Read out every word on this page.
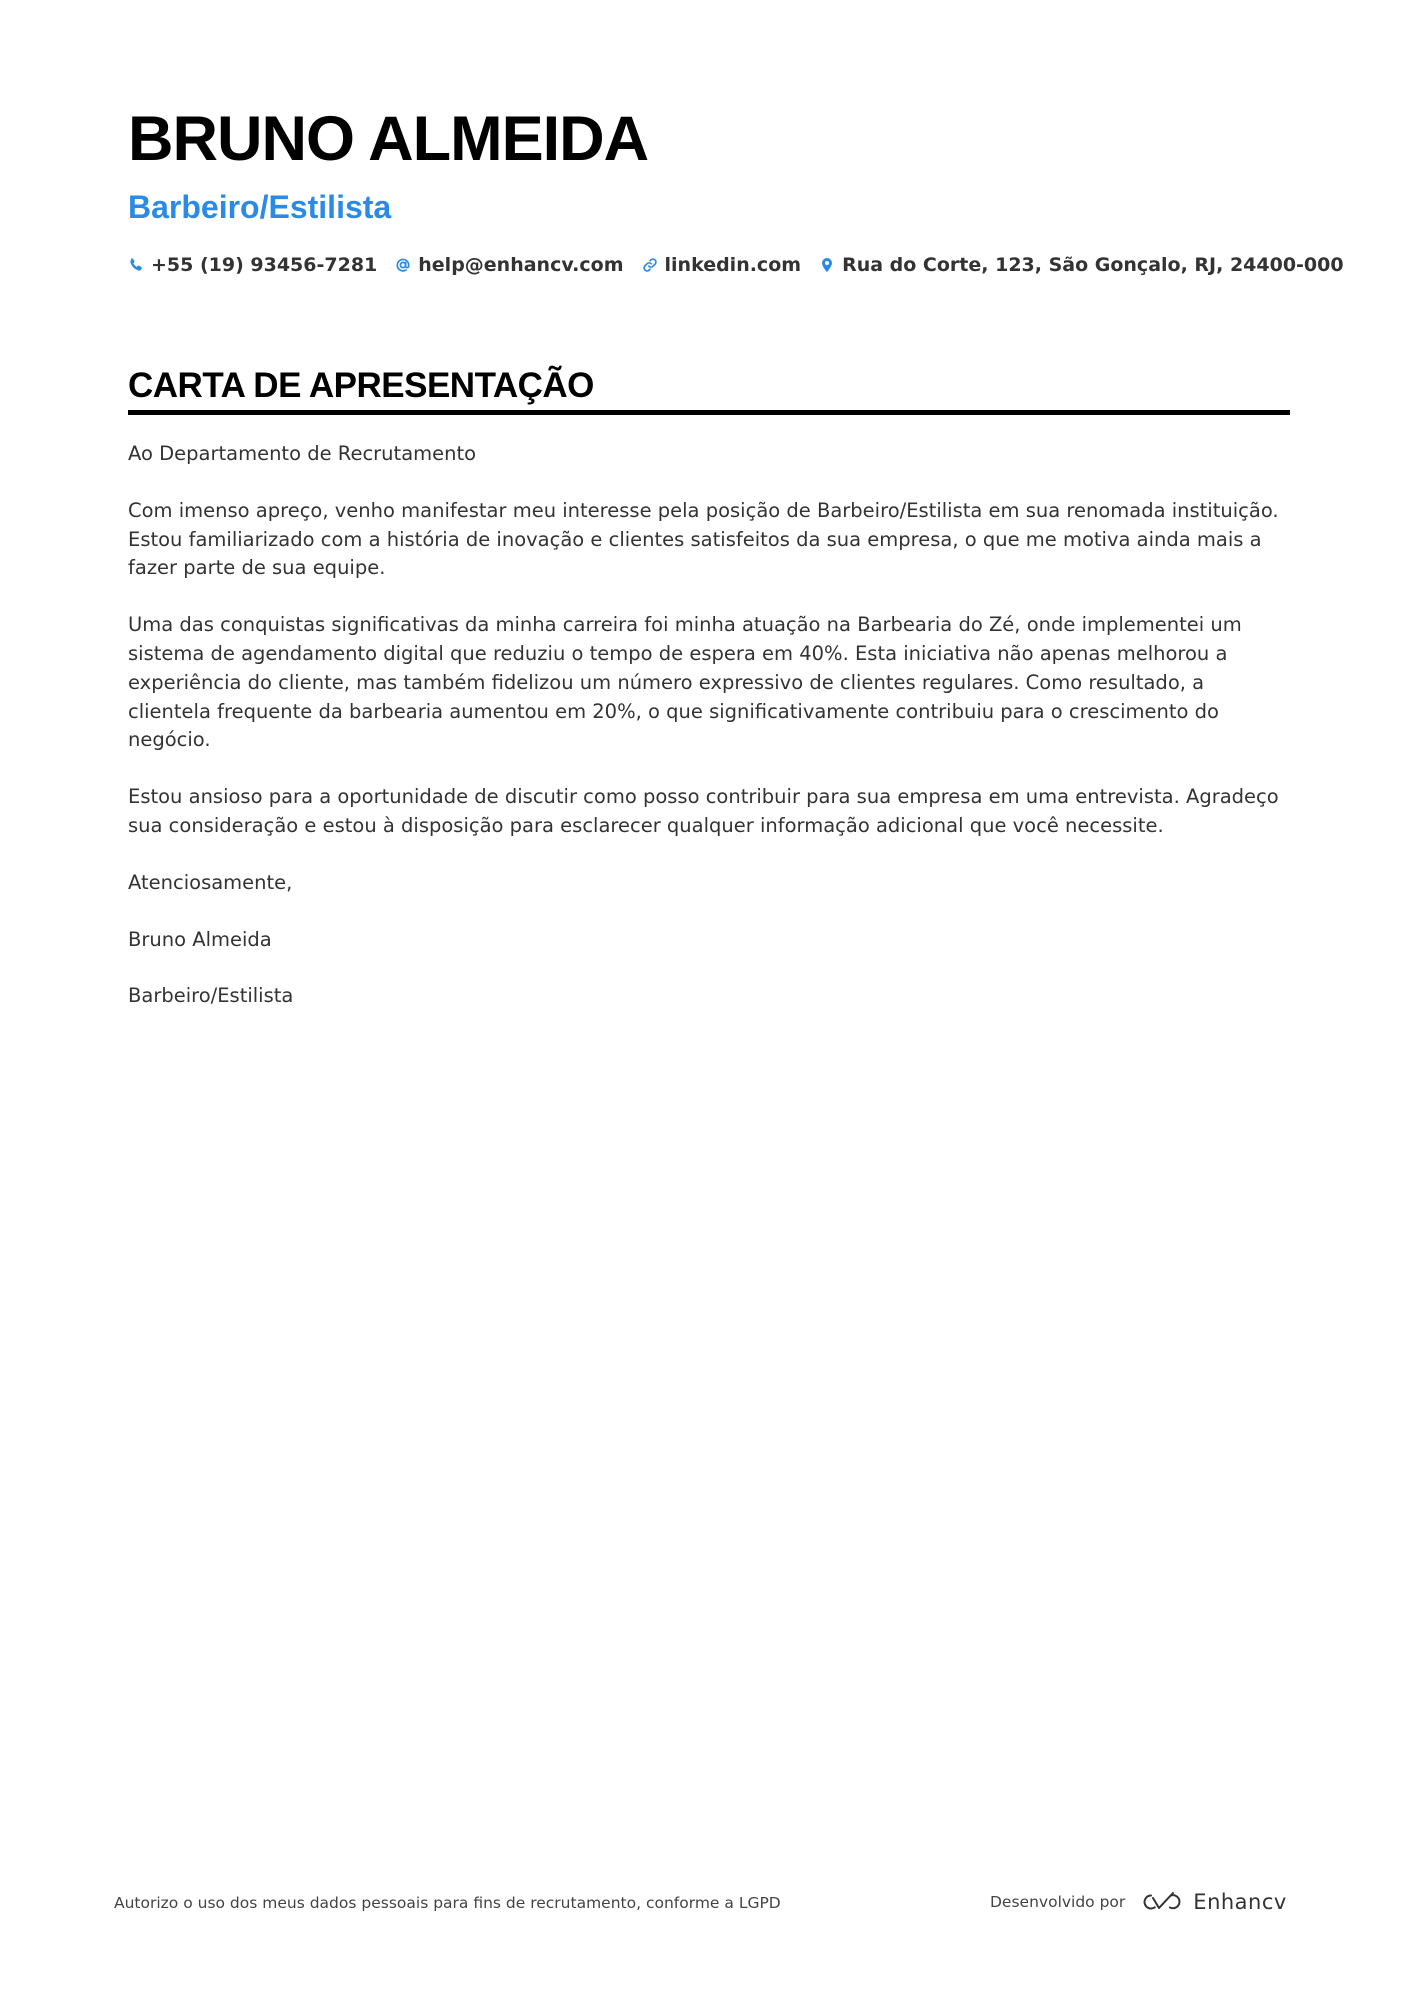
BRUNO ALMEIDA
Barbeiro/Estilista
+55 (19) 93456-7281 help@enhancv.com linkedin.com Rua do Corte, 123, São Gonçalo, RJ, 24400-000
CARTA DE APRESENTAÇÃO

Ao Departamento de Recrutamento

Com imenso apreço, venho manifestar meu interesse pela posição de Barbeiro/Estilista em sua renomada instituição. Estou familiarizado com a história de inovação e clientes satisfeitos da sua empresa, o que me motiva ainda mais a fazer parte de sua equipe.

Uma das conquistas significativas da minha carreira foi minha atuação na Barbearia do Zé, onde implementei um sistema de agendamento digital que reduziu o tempo de espera em 40%. Esta iniciativa não apenas melhorou a experiência do cliente, mas também fidelizou um número expressivo de clientes regulares. Como resultado, a clientela frequente da barbearia aumentou em 20%, o que significativamente contribuiu para o crescimento do negócio.

Estou ansioso para a oportunidade de discutir como posso contribuir para sua empresa em uma entrevista. Agradeço sua consideração e estou à disposição para esclarecer qualquer informação adicional que você necessite.

Atenciosamente,

Bruno Almeida

Barbeiro/Estilista

Autorizo o uso dos meus dados pessoais para fins de recrutamento, conforme a LGPD	Desenvolvido por	Enhancv
